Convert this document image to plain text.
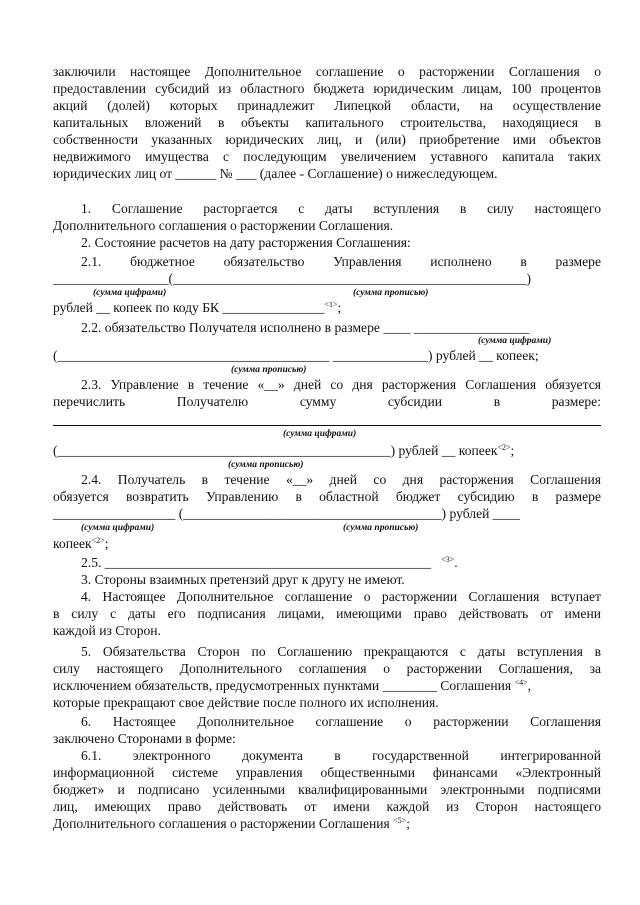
заключили настоящее Дополнительное соглашение о расторжении Соглашения о
предоставлении субсидий из областного бюджета юридическим лицам, 100 процентов
акций (долей) которых принадлежит Липецкой области, на осуществление
капитальных вложений в объекты капитального строительства, находящиеся в
собственности указанных юридических лиц, и (или) приобретение ими объектов
недвижимого имущества с последующим увеличением уставного капитала таких
юридических лиц от ______ № ___ (далее - Соглашение) о нижеследующем.
1. Соглашение расторгается с даты вступления в силу настоящего
Дополнительного соглашения о расторжении Соглашения.
2. Состояние расчетов на дату расторжения Соглашения:
2.1. бюджетное обязательство Управления исполнено в размере
_________________(____________________________________________________)
(сумма цифрами)	(сумма прописью)
рублей __ копеек по коду БК _______________$^{<1>}$;
2.2. обязательство Получателя исполнено в размере ____ _________________
(сумма цифрами)
(________________________________________ ______________) рублей __ копеек;
(сумма прописью)
2.3. Управление в течение «__» дней со дня расторжения Соглашения обязуется
перечислить Получателю сумму субсидии в размере:
(сумма цифрами)
(_________________________________________________) рублей __ копеек$^{<2>}$;
(сумма прописью)
2.4. Получатель в течение «__» дней со дня расторжения Соглашения
обязуется возвратить Управлению в областной бюджет субсидию в размере
__________________ (______________________________________) рублей ____
(сумма цифрами)	(сумма прописью)
копеек$^{<2>}$;
2.5. ________________________________________________ $^{<3>}$.
3. Стороны взаимных претензий друг к другу не имеют.
4. Настоящее Дополнительное соглашение о расторжении Соглашения вступает
в силу с даты его подписания лицами, имеющими право действовать от имени
каждой из Сторон.
5. Обязательства Сторон по Соглашению прекращаются с даты вступления в
силу настоящего Дополнительного соглашения о расторжении Соглашения, за
исключением обязательств, предусмотренных пунктами ________ Соглашения $^{<4>}$,
которые прекращают свое действие после полного их исполнения.
6. Настоящее Дополнительное соглашение о расторжении Соглашения
заключено Сторонами в форме:
6.1. электронного документа в государственной интегрированной
информационной системе управления общественными финансами «Электронный
бюджет» и подписано усиленными квалифицированными электронными подписями
лиц, имеющих право действовать от имени каждой из Сторон настоящего
Дополнительного соглашения о расторжении Соглашения $^{<5>}$;
